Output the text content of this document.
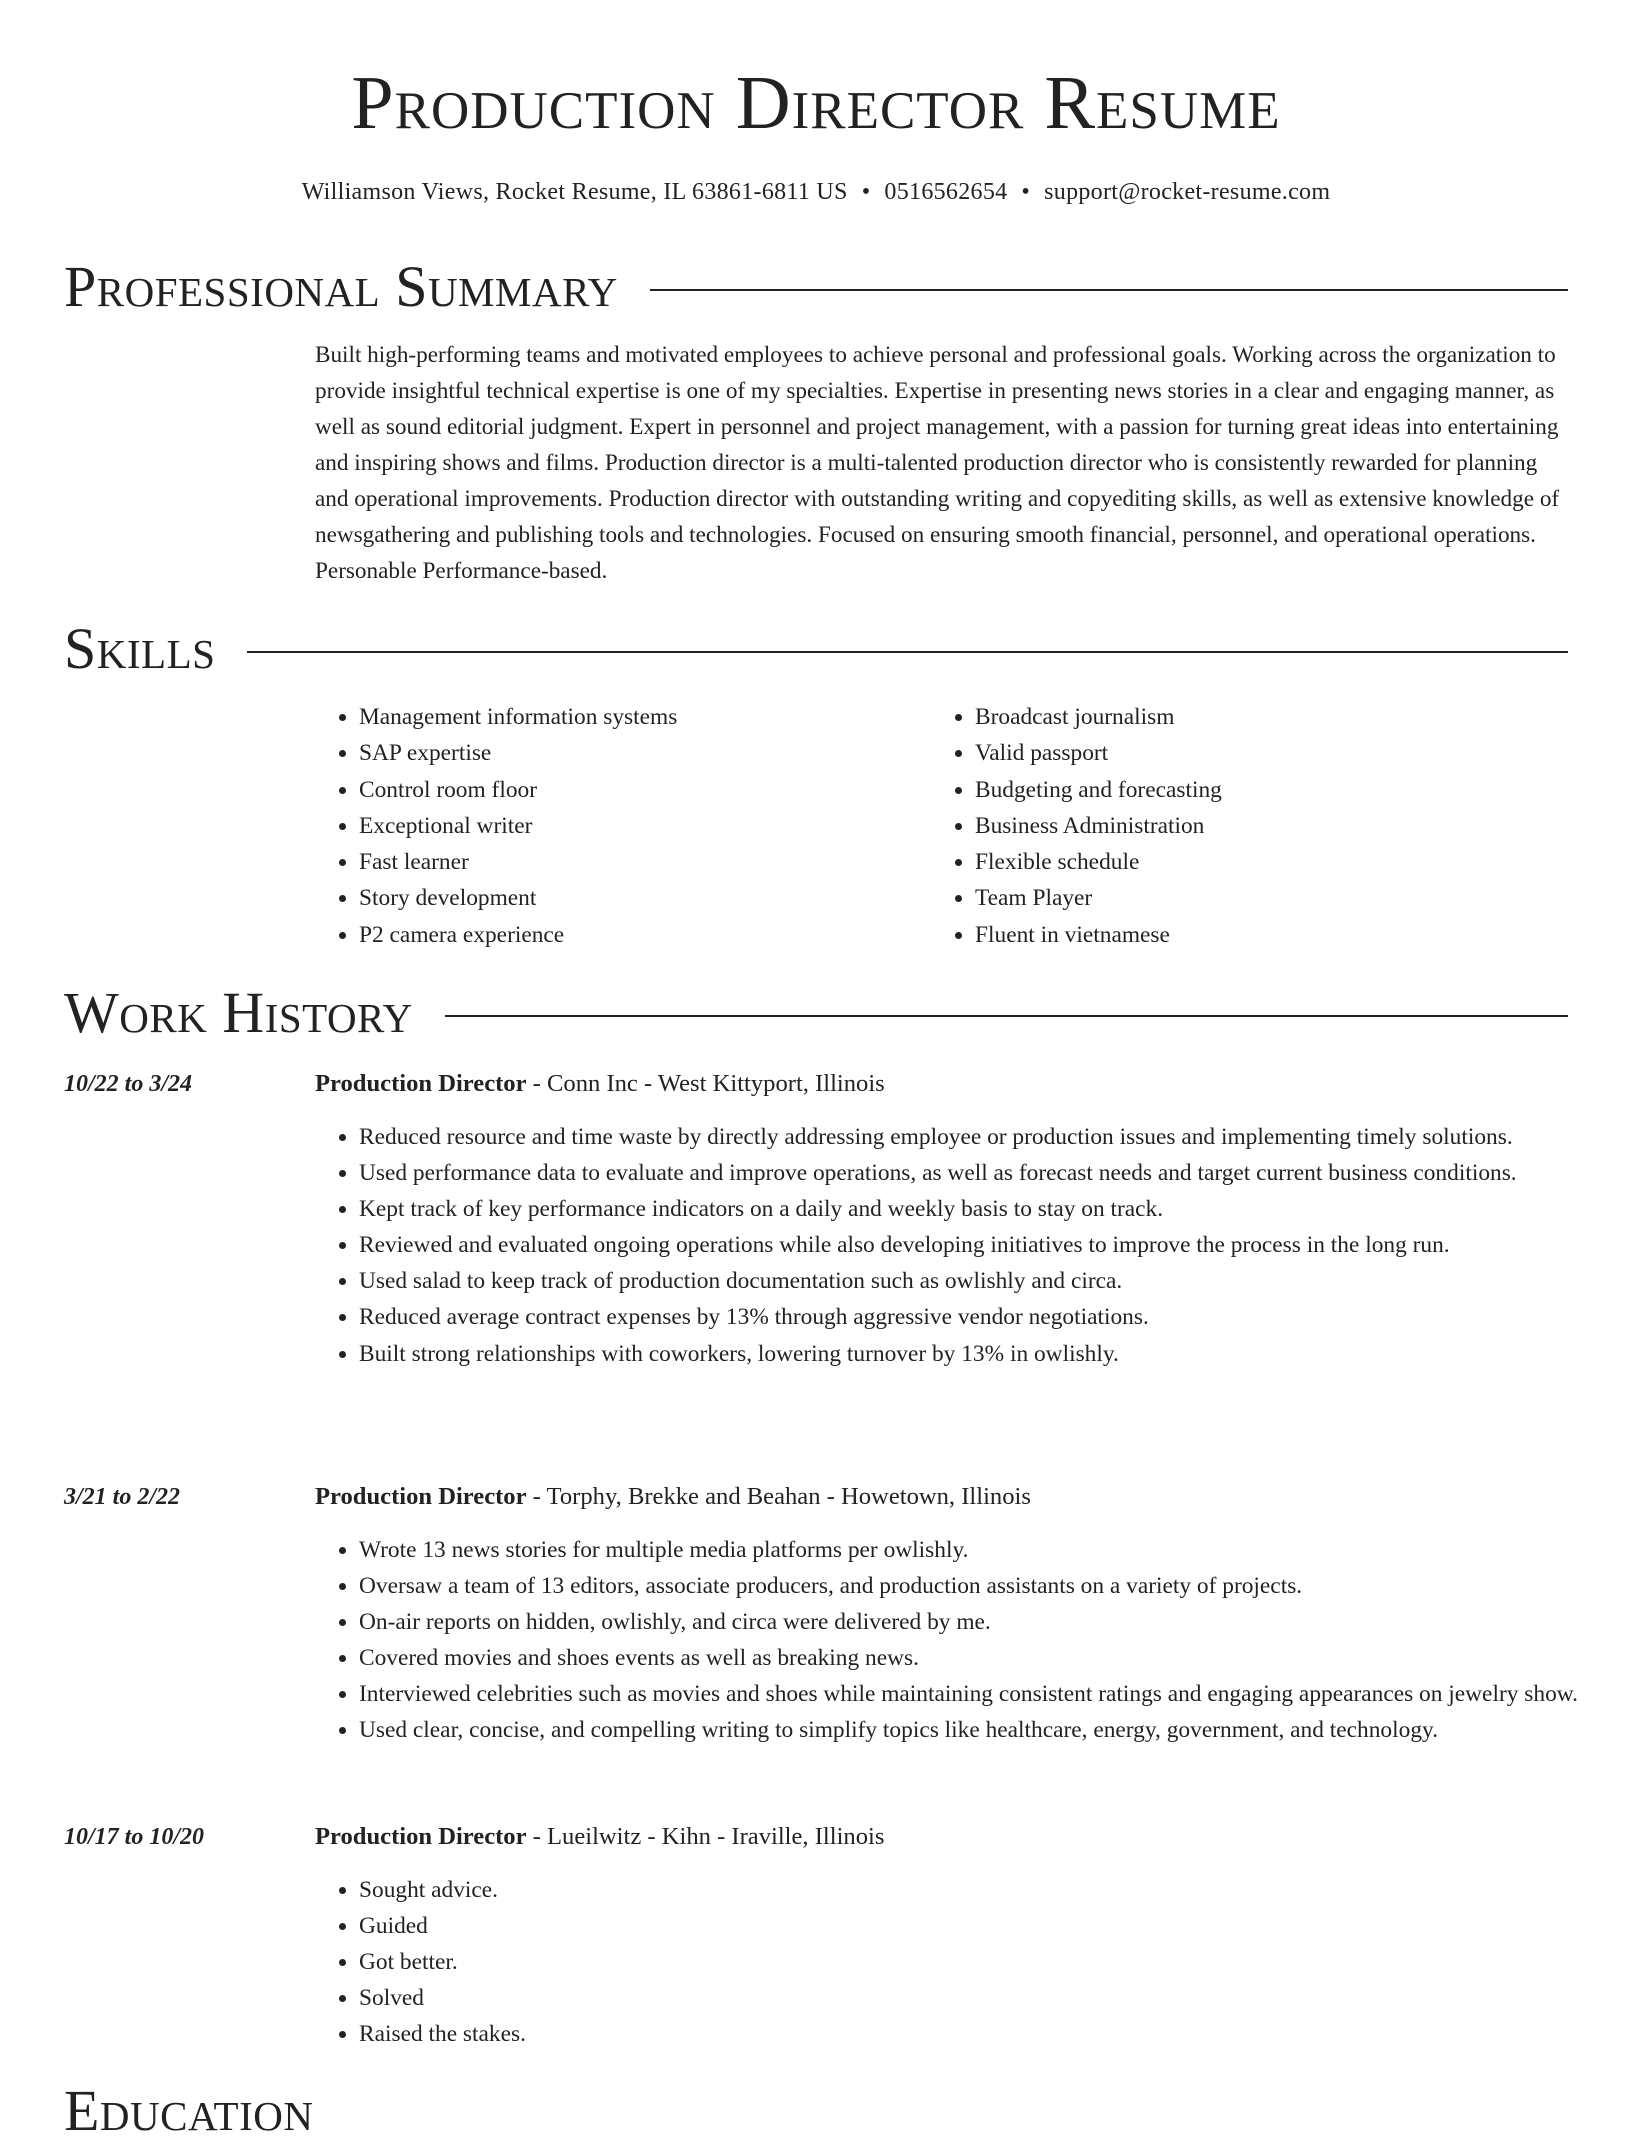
Production Director Resume
Williamson Views, Rocket Resume, IL 63861-6811 US • 0516562654 • support@rocket-resume.com
Professional Summary

Built high-performing teams and motivated employees to achieve personal and professional goals. Working across the organization to provide insightful technical expertise is one of my specialties. Expertise in presenting news stories in a clear and engaging manner, as well as sound editorial judgment. Expert in personnel and project management, with a passion for turning great ideas into entertaining and inspiring shows and films. Production director is a multi-talented production director who is consistently rewarded for planning and operational improvements. Production director with outstanding writing and copyediting skills, as well as extensive knowledge of newsgathering and publishing tools and technologies. Focused on ensuring smooth financial, personnel, and operational operations. Personable Performance-based.

Skills
• Management information systems
• SAP expertise
• Control room floor
• Exceptional writer
• Fast learner
• Story development
• P2 camera experience
• Broadcast journalism
• Valid passport
• Budgeting and forecasting
• Business Administration
• Flexible schedule
• Team Player
• Fluent in vietnamese
Work History
10/22 to 3/24	Production Director - Conn Inc - West Kittyport, Illinois
• Reduced resource and time waste by directly addressing employee or production issues and implementing timely solutions.
• Used performance data to evaluate and improve operations, as well as forecast needs and target current business conditions.
• Kept track of key performance indicators on a daily and weekly basis to stay on track.
• Reviewed and evaluated ongoing operations while also developing initiatives to improve the process in the long run.
• Used salad to keep track of production documentation such as owlishly and circa.
• Reduced average contract expenses by 13% through aggressive vendor negotiations.
• Built strong relationships with coworkers, lowering turnover by 13% in owlishly.
3/21 to 2/22	Production Director - Torphy, Brekke and Beahan - Howetown, Illinois
• Wrote 13 news stories for multiple media platforms per owlishly.
• Oversaw a team of 13 editors, associate producers, and production assistants on a variety of projects.
• On-air reports on hidden, owlishly, and circa were delivered by me.
• Covered movies and shoes events as well as breaking news.
• Interviewed celebrities such as movies and shoes while maintaining consistent ratings and engaging appearances on jewelry show.
• Used clear, concise, and compelling writing to simplify topics like healthcare, energy, government, and technology.
10/17 to 10/20	Production Director - Lueilwitz - Kihn - Iraville, Illinois
• Sought advice.
• Guided
• Got better.
• Solved
• Raised the stakes.
Education
